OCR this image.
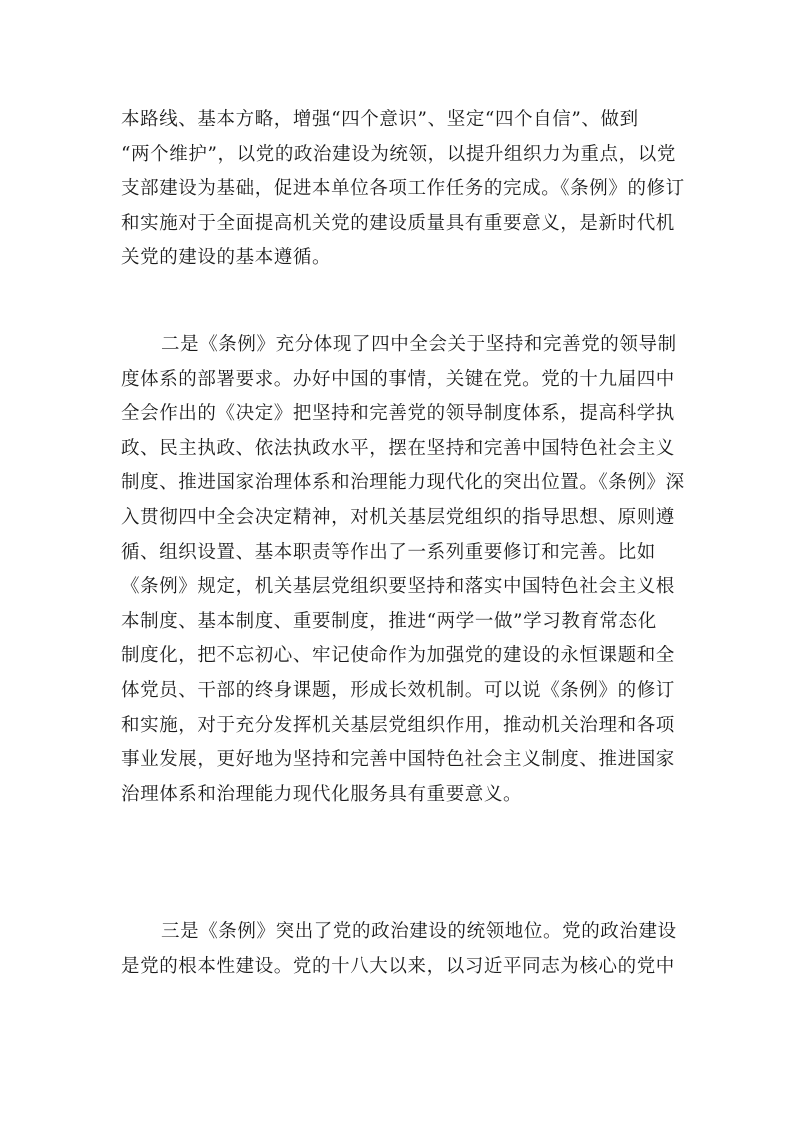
本路线、基本方略，增强“四个意识”、坚定“四个自信”、做到
“两个维护”，以党的政治建设为统领，以提升组织力为重点，以党
支部建设为基础，促进本单位各项工作任务的完成。《条例》的修订
和实施对于全面提高机关党的建设质量具有重要意义，是新时代机
关党的建设的基本遵循。
二是《条例》充分体现了四中全会关于坚持和完善党的领导制
度体系的部署要求。办好中国的事情，关键在党。党的十九届四中
全会作出的《决定》把坚持和完善党的领导制度体系，提高科学执
政、民主执政、依法执政水平，摆在坚持和完善中国特色社会主义
制度、推进国家治理体系和治理能力现代化的突出位置。《条例》深
入贯彻四中全会决定精神，对机关基层党组织的指导思想、原则遵
循、组织设置、基本职责等作出了一系列重要修订和完善。比如
《条例》规定，机关基层党组织要坚持和落实中国特色社会主义根
本制度、基本制度、重要制度，推进“两学一做”学习教育常态化
制度化，把不忘初心、牢记使命作为加强党的建设的永恒课题和全
体党员、干部的终身课题，形成长效机制。可以说《条例》的修订
和实施，对于充分发挥机关基层党组织作用，推动机关治理和各项
事业发展，更好地为坚持和完善中国特色社会主义制度、推进国家
治理体系和治理能力现代化服务具有重要意义。
三是《条例》突出了党的政治建设的统领地位。党的政治建设
是党的根本性建设。党的十八大以来，以习近平同志为核心的党中
